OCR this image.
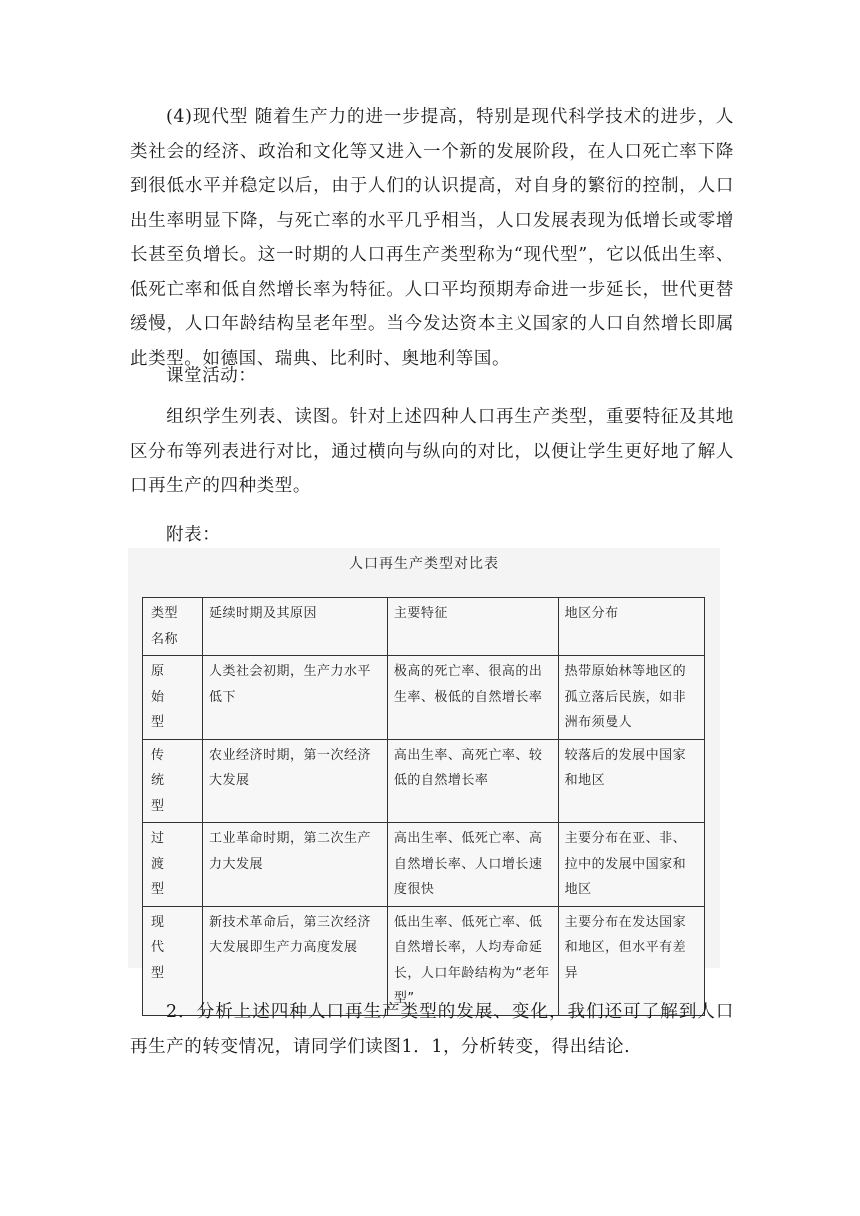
(4)现代型 随着生产力的进一步提高，特别是现代科学技术的进步，人类社会的经济、政治和文化等又进入一个新的发展阶段，在人口死亡率下降到很低水平并稳定以后，由于人们的认识提高，对自身的繁衍的控制，人口出生率明显下降，与死亡率的水平几乎相当，人口发展表现为低增长或零增长甚至负增长。这一时期的人口再生产类型称为“现代型”，它以低出生率、低死亡率和低自然增长率为特征。人口平均预期寿命进一步延长，世代更替缓慢，人口年龄结构呈老年型。当今发达资本主义国家的人口自然增长即属此类型。如德国、瑞典、比利时、奥地利等国。

课堂活动：

组织学生列表、读图。针对上述四种人口再生产类型，重要特征及其地区分布等列表进行对比，通过横向与纵向的对比，以便让学生更好地了解人口再生产的四种类型。

附表：

人口再生产类型对比表
类型
名称	延续时期及其原因	主要特征	地区分布

原
始
型	人类社会初期，生产力水平低下	极高的死亡率、很高的出生率、极低的自然增长率	热带原始林等地区的孤立落后民族，如非洲布须曼人

传
统
型	农业经济时期，第一次经济大发展	高出生率、高死亡率、较低的自然增长率	较落后的发展中国家和地区

过
渡
型	工业革命时期，第二次生产力大发展	高出生率、低死亡率、高自然增长率、人口增长速度很快	主要分布在亚、非、拉中的发展中国家和地区

现
代
型	新技术革命后，第三次经济大发展即生产力高度发展	低出生率、低死亡率、低自然增长率，人均寿命延长，人口年龄结构为“老年型”	主要分布在发达国家和地区，但水平有差异

2．分析上述四种人口再生产类型的发展、变化，我们还可了解到人口再生产的转变情况，请同学们读图1．1，分析转变，得出结论.
